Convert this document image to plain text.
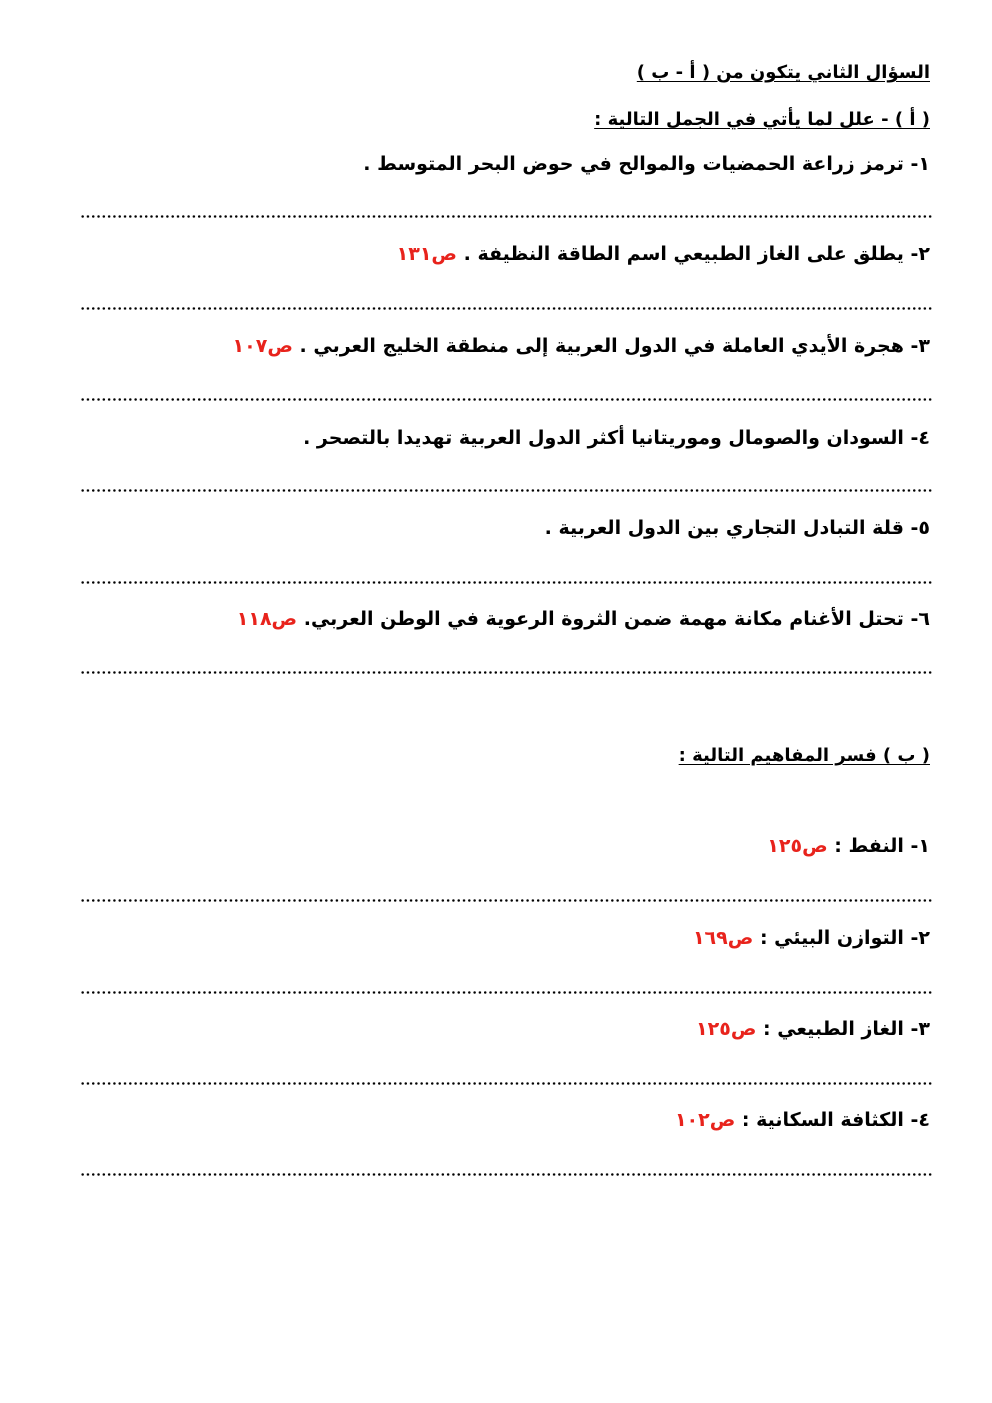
السؤال الثاني يتكون من ( أ - ب )
( أ ) - علل لما يأتي في الجمل التالية :
١- ترمز زراعة الحمضيات والموالح في حوض البحر المتوسط .
٢- يطلق على الغاز الطبيعي اسم الطاقة النظيفة . ص١٣١
٣- هجرة الأيدي العاملة في الدول العربية إلى منطقة الخليج العربي . ص١٠٧
٤- السودان والصومال وموريتانيا أكثر الدول العربية تهديدا بالتصحر .
٥- قلة التبادل التجاري بين الدول العربية .
٦- تحتل الأغنام مكانة مهمة ضمن الثروة الرعوية في الوطن العربي. ص١١٨
( ب ) فسر المفاهيم التالية :
١- النفط : ص١٢٥
٢- التوازن البيئي : ص١٦٩
٣- الغاز الطبيعي : ص١٢٥
٤- الكثافة السكانية : ص١٠٢
